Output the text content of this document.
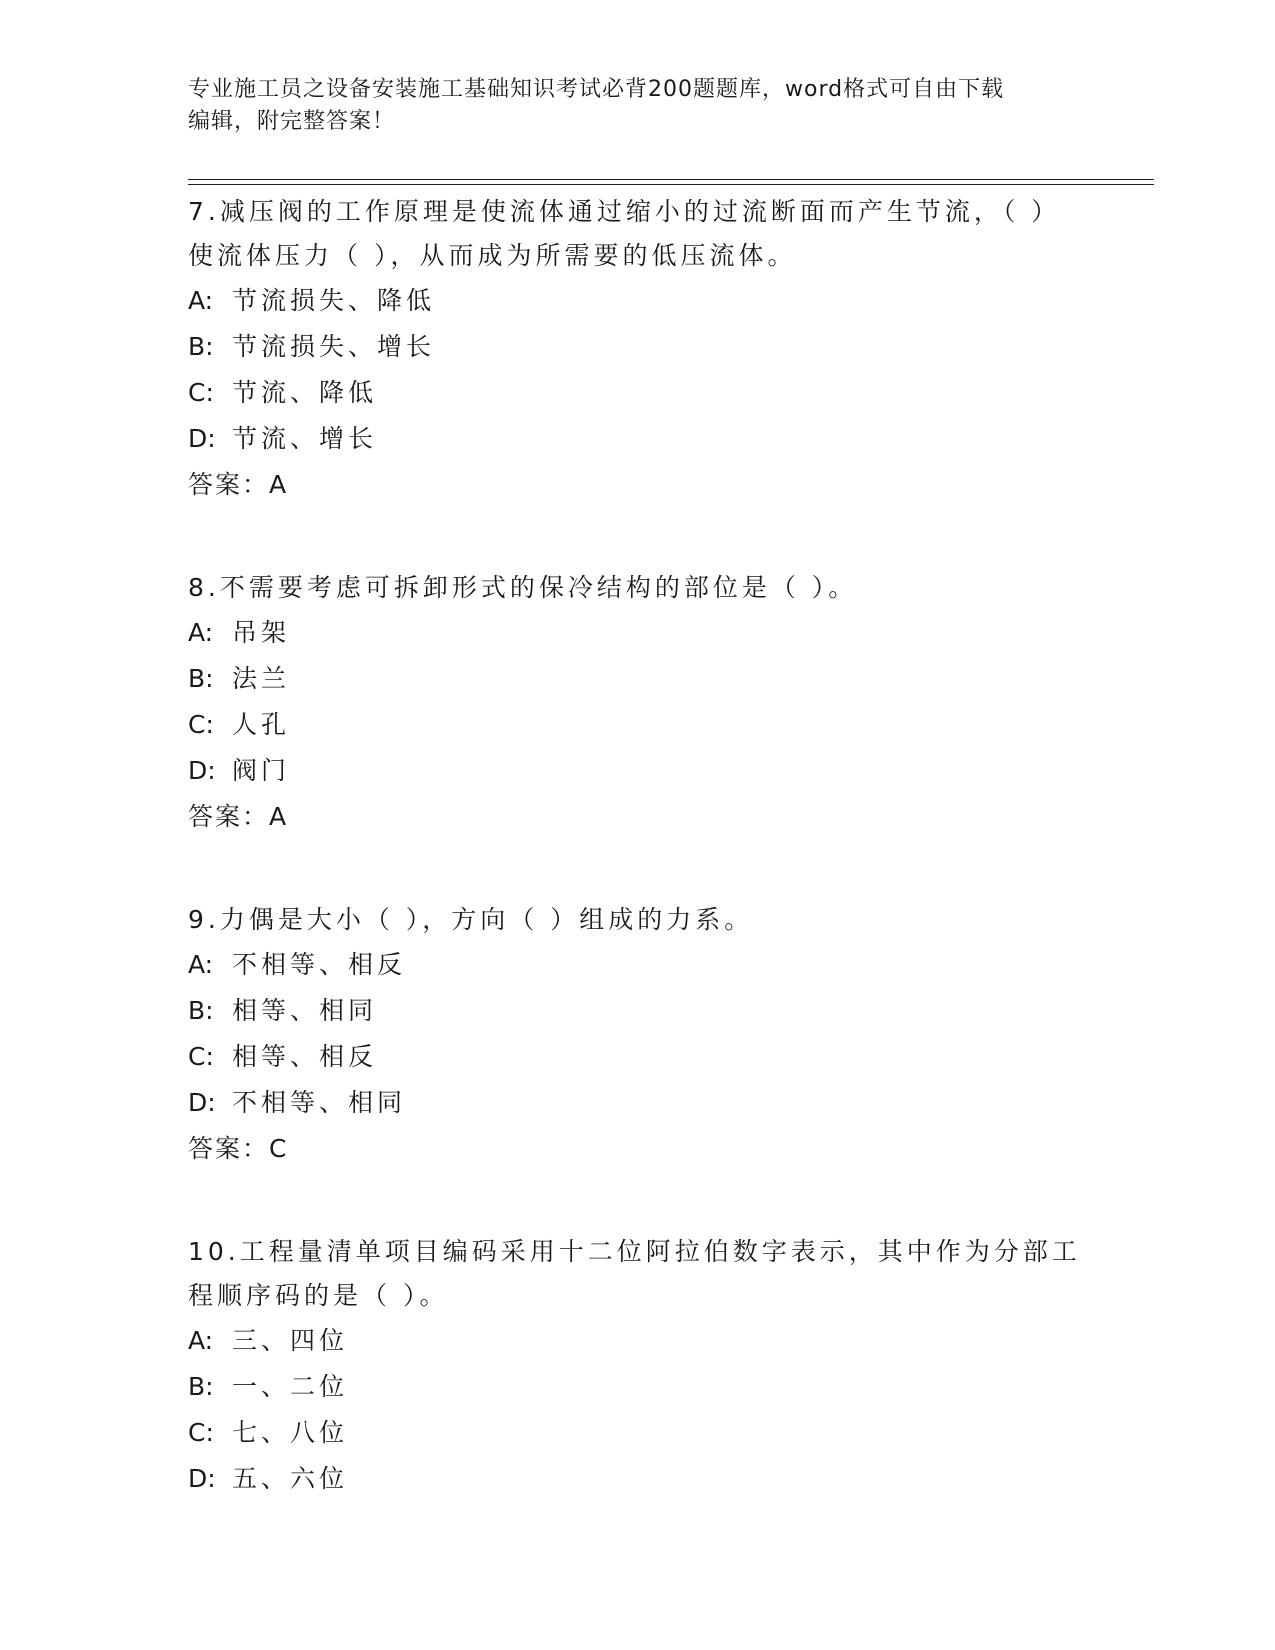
专业施工员之设备安装施工基础知识考试必背200题题库，word格式可自由下载
编辑，附完整答案！
7.减压阀的工作原理是使流体通过缩小的过流断面而产生节流，（ ）
使流体压力（ ），从而成为所需要的低压流体。
A: 节流损失、降低
B: 节流损失、增长
C: 节流、降低
D: 节流、增长
答案：A
8.不需要考虑可拆卸形式的保冷结构的部位是（ ）。
A: 吊架
B: 法兰
C: 人孔
D: 阀门
答案：A
9.力偶是大小（ ），方向（ ）组成的力系。
A: 不相等、相反
B: 相等、相同
C: 相等、相反
D: 不相等、相同
答案：C
10.工程量清单项目编码采用十二位阿拉伯数字表示，其中作为分部工
程顺序码的是（ ）。
A: 三、四位
B: 一、二位
C: 七、八位
D: 五、六位
